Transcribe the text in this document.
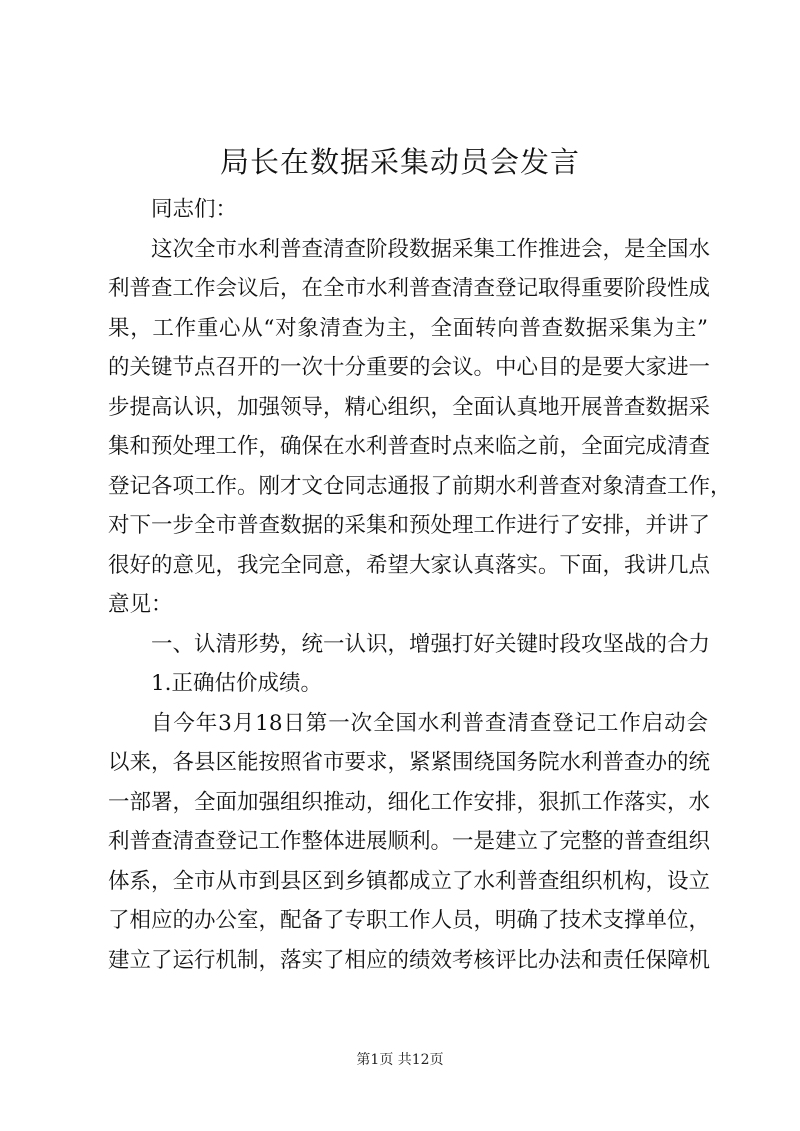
局长在数据采集动员会发言
同志们：
这次全市水利普查清查阶段数据采集工作推进会，是全国水
利普查工作会议后，在全市水利普查清查登记取得重要阶段性成
果，工作重心从“对象清查为主，全面转向普查数据采集为主”
的关键节点召开的一次十分重要的会议。中心目的是要大家进一
步提高认识，加强领导，精心组织，全面认真地开展普查数据采
集和预处理工作，确保在水利普查时点来临之前，全面完成清查
登记各项工作。刚才文仓同志通报了前期水利普查对象清查工作，
对下一步全市普查数据的采集和预处理工作进行了安排，并讲了
很好的意见，我完全同意，希望大家认真落实。下面，我讲几点
意见：
一、认清形势，统一认识，增强打好关键时段攻坚战的合力
1.正确估价成绩。
自今年3月18日第一次全国水利普查清查登记工作启动会
以来，各县区能按照省市要求，紧紧围绕国务院水利普查办的统
一部署，全面加强组织推动，细化工作安排，狠抓工作落实，水
利普查清查登记工作整体进展顺利。一是建立了完整的普查组织
体系，全市从市到县区到乡镇都成立了水利普查组织机构，设立
了相应的办公室，配备了专职工作人员，明确了技术支撑单位，
建立了运行机制，落实了相应的绩效考核评比办法和责任保障机
第1页 共12页
